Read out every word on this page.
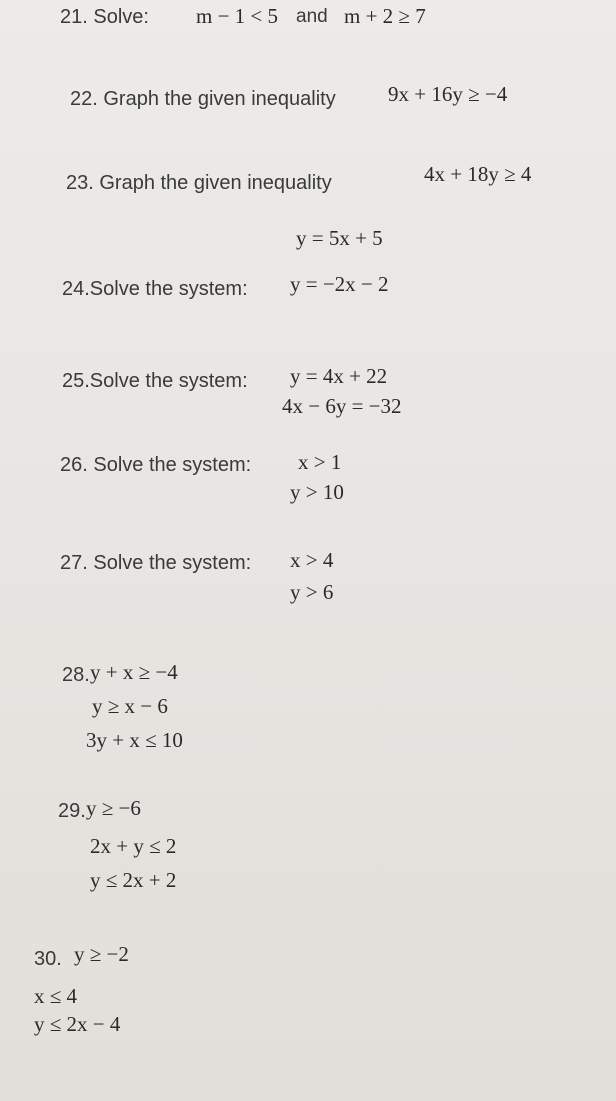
21. Solve: m − 1 < 5 and m + 2 ≥ 7
22. Graph the given inequality 9x + 16y ≥ −4
23. Graph the given inequality	4x + 18y ≥ 4
y = 5x + 5
24.Solve the system: y = −2x − 2
25.Solve the system: y = 4x + 22
4x − 6y = −32
26. Solve the system: x > 1
y > 10
27. Solve the system: x > 4
y > 6
28. y + x ≥ −4
y ≥ x − 6
3y + x ≤ 10
29. y ≥ −6
2x + y ≤ 2
y ≤ 2x + 2
30. y ≥ −2
x ≤ 4
y ≤ 2x − 4
